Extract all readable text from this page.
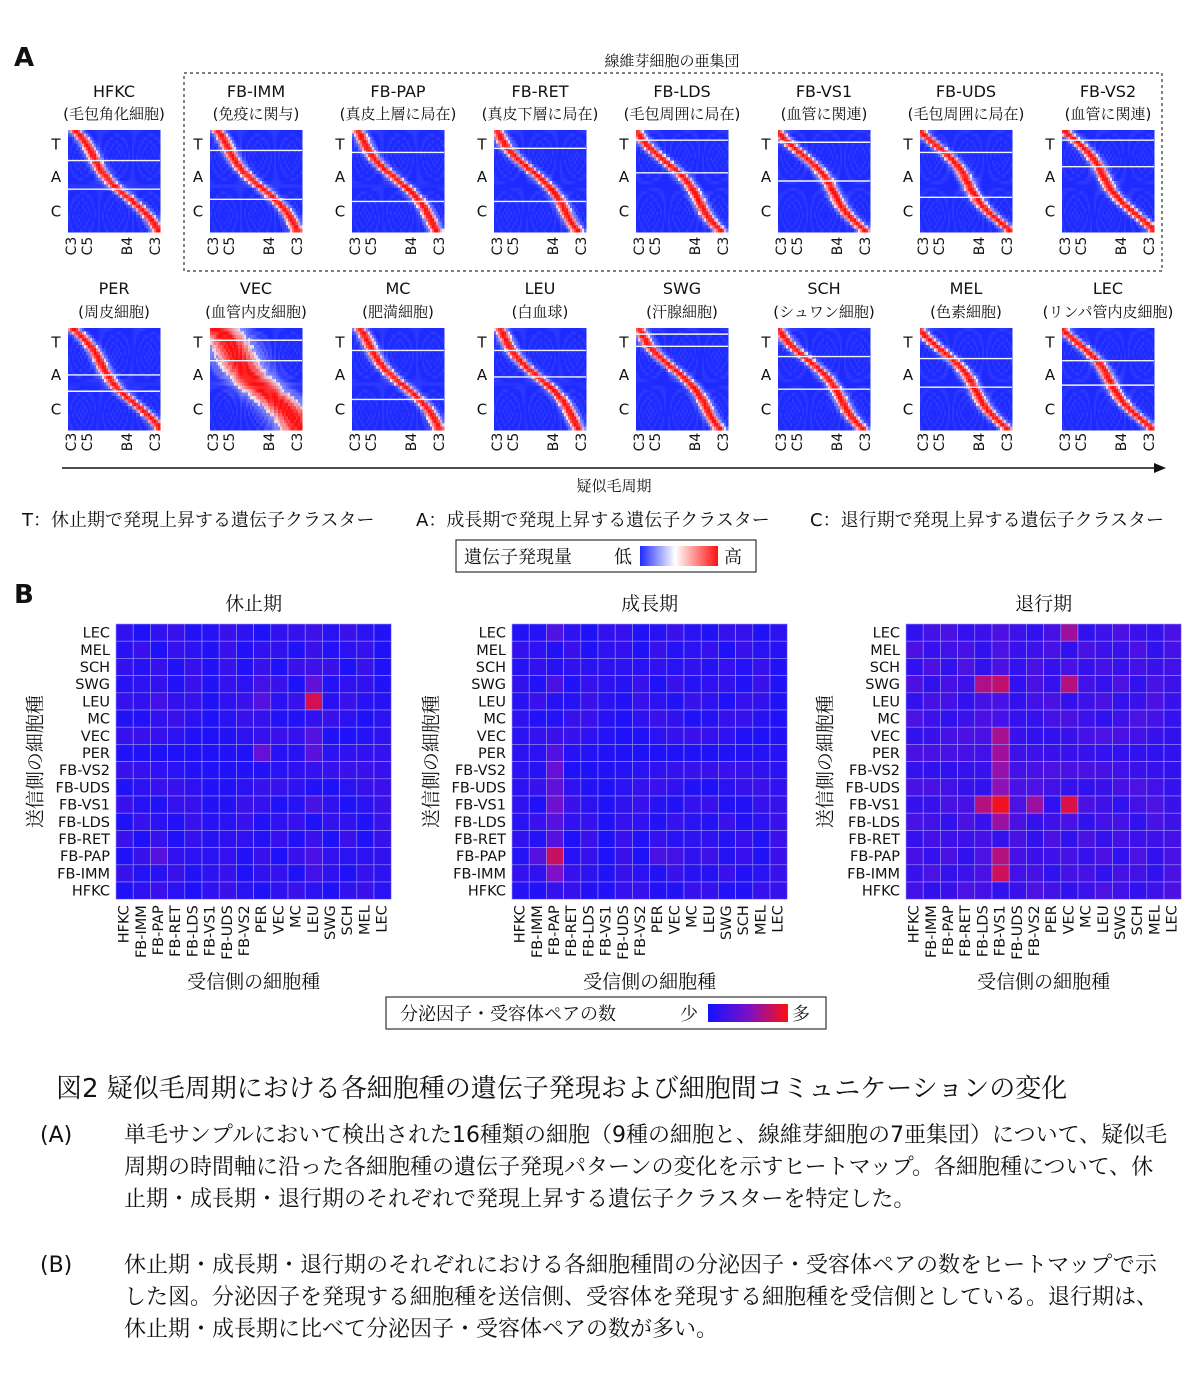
A	線維芽細胞の亜集団
HFKC
(毛包角化細胞)
T
A
C
C3 C5 B4 C3
FB-IMM
(免疫に関与)
T
A
C
C3 C5 B4 C3
FB-PAP
(真皮上層に局在)
T
A
C
C3 C5 B4 C3
FB-RET
(真皮下層に局在)
T
A
C
C3 C5 B4 C3
FB-LDS
(毛包周囲に局在)
T
A
C
C3 C5 B4 C3
FB-VS1
(血管に関連)
T
A
C
C3 C5 B4 C3
FB-UDS
(毛包周囲に局在)
T
A
C
C3 C5 B4 C3
FB-VS2
(血管に関連)
T
A
C
C3 C5 B4 C3
PER
(周皮細胞)
T
A
C
C3 C5 B4 C3
VEC
(血管内皮細胞)
T
A
C
C3 C5 B4 C3
MC
(肥満細胞)
T
A
C
C3 C5 B4 C3
LEU
(白血球)
T
A
C
C3 C5 B4 C3
SWG
(汗腺細胞)
T
A
C
C3 C5 B4 C3
SCH
(シュワン細胞)
T
A
C
C3 C5 B4 C3
MEL
(色素細胞)
T
A
C
C3 C5 B4 C3
LEC
(リンパ管内皮細胞)
T
A
C
C3 C5 B4 C3
疑似毛周期
T：休止期で発現上昇する遺伝子クラスター A：成長期で発現上昇する遺伝子クラスター C：退行期で発現上昇する遺伝子クラスター
遺伝子発現量 低	高
B	休止期
LEC
MEL
SCH
SWG
LEU
MC
VEC
PER
FB-VS2
FB-UDS
FB-VS1
FB-LDS
FB-RET
FB-PAP
FB-IMM
HFKC
HFKC FB-IMM FB-PAP FB-RET FB-LDS FB-VS1 FB-UDS FB-VS2 PER VEC MC LEU SWG SCH MEL LEC
送信側の細胞種
受信側の細胞種
成長期
LEC
MEL
SCH
SWG
LEU
MC
VEC
PER
FB-VS2
FB-UDS
FB-VS1
FB-LDS
FB-RET
FB-PAP
FB-IMM
HFKC
HFKC FB-IMM FB-PAP FB-RET FB-LDS FB-VS1 FB-UDS FB-VS2 PER VEC MC LEU SWG SCH MEL LEC
送信側の細胞種
受信側の細胞種
退行期
LEC
MEL
SCH
SWG
LEU
MC
VEC
PER
FB-VS2
FB-UDS
FB-VS1
FB-LDS
FB-RET
FB-PAP
FB-IMM
HFKC
HFKC FB-IMM FB-PAP FB-RET FB-LDS FB-VS1 FB-UDS FB-VS2 PER VEC MC LEU SWG SCH MEL LEC
送信側の細胞種
受信側の細胞種
分泌因子・受容体ペアの数	少	多
図2 疑似毛周期における各細胞種の遺伝子発現および細胞間コミュニケーションの変化
(A) 単毛サンプルにおいて検出された16種類の細胞（9種の細胞と、線維芽細胞の7亜集団）について、疑似毛周期の時間軸に沿った各細胞種の遺伝子発現パターンの変化を示すヒートマップ。各細胞種について、休止期・成長期・退行期のそれぞれで発現上昇する遺伝子クラスターを特定した。
(B) 休止期・成長期・退行期のそれぞれにおける各細胞種間の分泌因子・受容体ペアの数をヒートマップで示した図。分泌因子を発現する細胞種を送信側、受容体を発現する細胞種を受信側としている。退行期は、休止期・成長期に比べて分泌因子・受容体ペアの数が多い。
